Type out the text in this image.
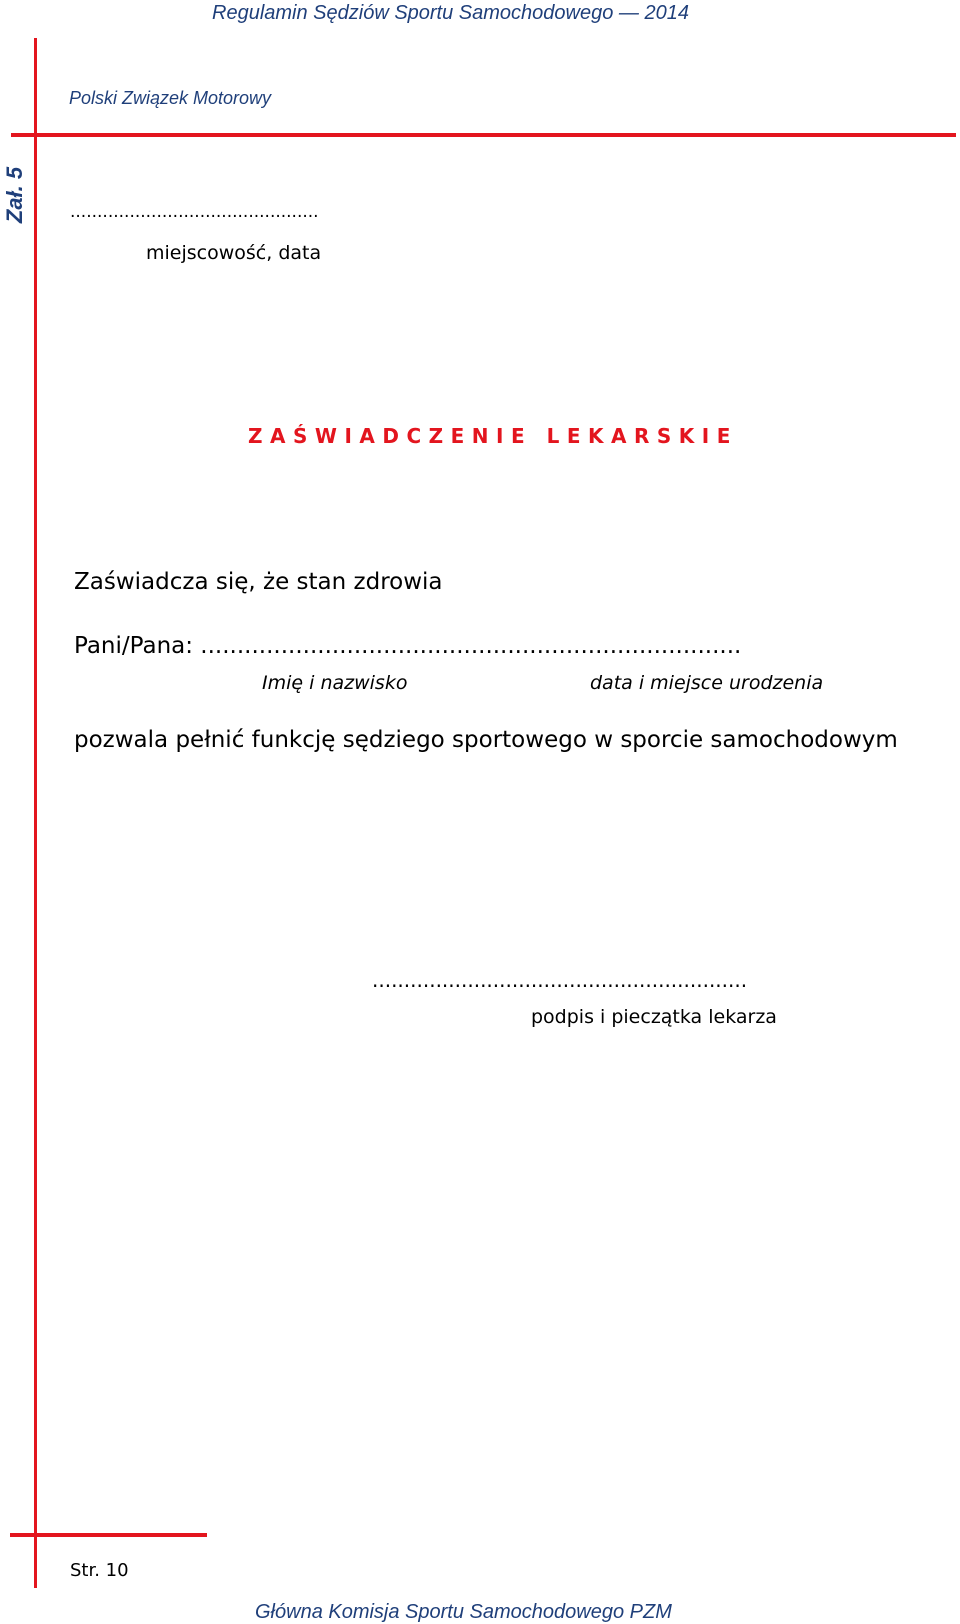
Regulamin Sędziów Sportu Samochodowego — 2014
Polski Związek Motorowy
Zał. 5	..............................................
miejscowość, data
ZAŚWIADCZENIE LEKARSKIE
Zaświadcza się, że stan zdrowia
Pani/Pana: ..........................................................................
Imię i nazwisko	data i miejsce urodzenia
pozwala pełnić funkcję sędziego sportowego w sporcie samochodowym
...........................................................
podpis i pieczątka lekarza
Str. 10
Główna Komisja Sportu Samochodowego PZM
